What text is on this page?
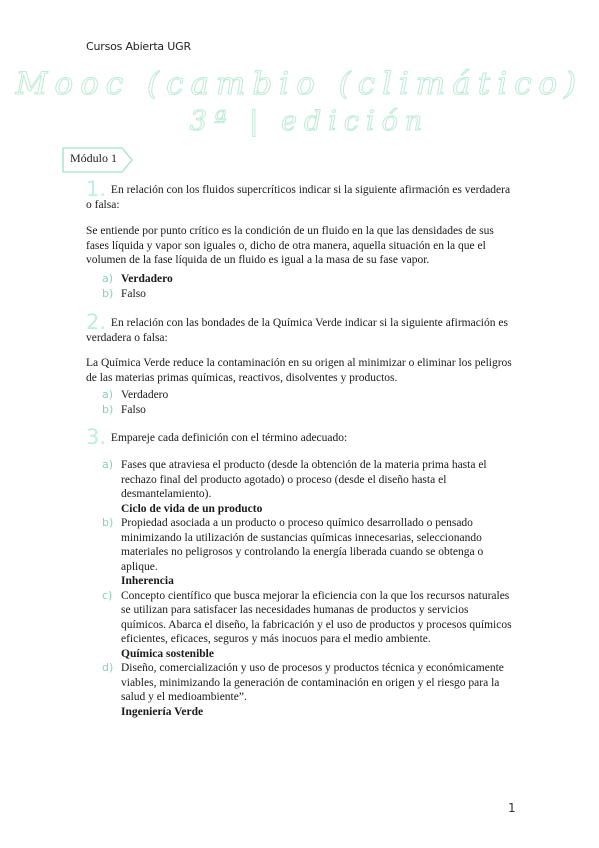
Cursos Abierta UGR
Mooc (cambio (climático)
3ª | edición
Módulo 1
1. En relación con los fluidos supercríticos indicar si la siguiente afirmación es verdadera o falsa:
Se entiende por punto crítico es la condición de un fluido en la que las densidades de sus fases líquida y vapor son iguales o, dicho de otra manera, aquella situación en la que el volumen de la fase líquida de un fluido es igual a la masa de su fase vapor.
a) Verdadero
b) Falso
2. En relación con las bondades de la Química Verde indicar si la siguiente afirmación es verdadera o falsa:
La Química Verde reduce la contaminación en su origen al minimizar o eliminar los peligros de las materias primas químicas, reactivos, disolventes y productos.
a) Verdadero
b) Falso
3. Empareje cada definición con el término adecuado:
a) Fases que atraviesa el producto (desde la obtención de la materia prima hasta el rechazo final del producto agotado) o proceso (desde el diseño hasta el desmantelamiento).
Ciclo de vida de un producto
b) Propiedad asociada a un producto o proceso químico desarrollado o pensado minimizando la utilización de sustancias químicas innecesarias, seleccionando materiales no peligrosos y controlando la energía liberada cuando se obtenga o aplique.
Inherencia
c) Concepto científico que busca mejorar la eficiencia con la que los recursos naturales se utilizan para satisfacer las necesidades humanas de productos y servicios químicos. Abarca el diseño, la fabricación y el uso de productos y procesos químicos eficientes, eficaces, seguros y más inocuos para el medio ambiente.
Química sostenible
d) Diseño, comercialización y uso de procesos y productos técnica y económicamente viables, minimizando la generación de contaminación en origen y el riesgo para la salud y el medioambiente”.
Ingeniería Verde
1
